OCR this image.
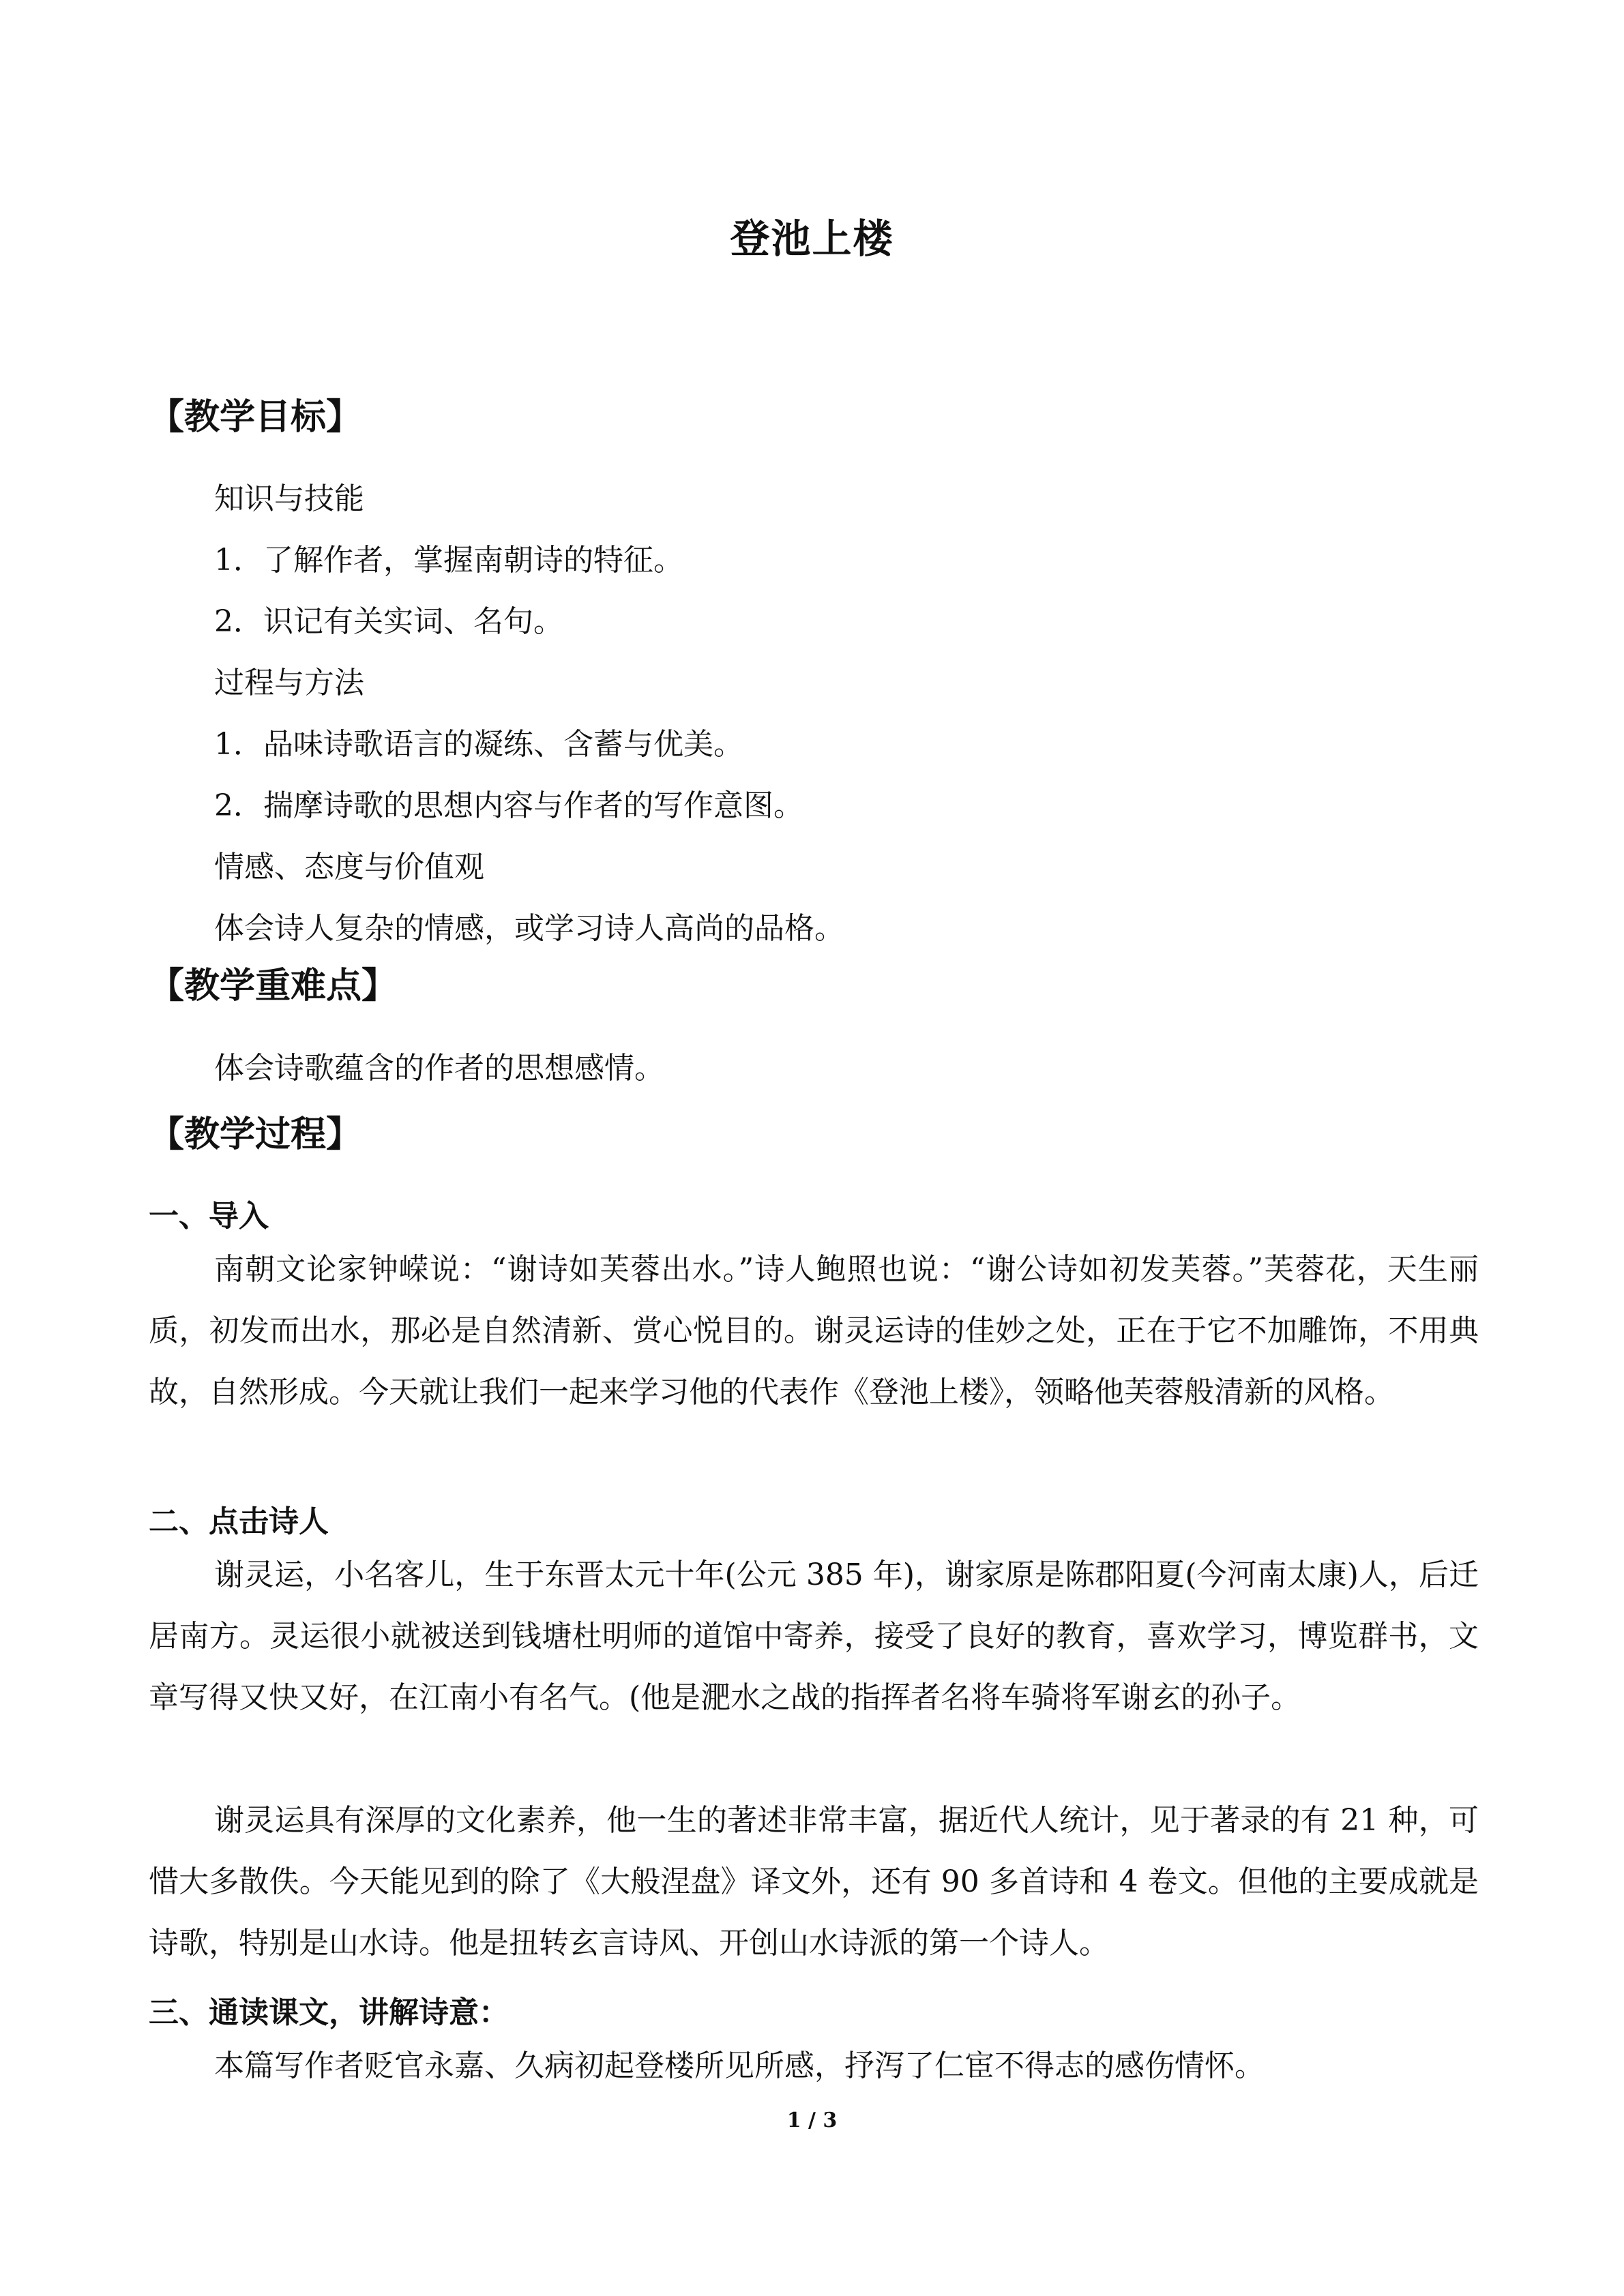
登池上楼
【教学目标】
知识与技能
1．了解作者，掌握南朝诗的特征。
2．识记有关实词、名句。
过程与方法
1．品味诗歌语言的凝练、含蓄与优美。
2．揣摩诗歌的思想内容与作者的写作意图。
情感、态度与价值观
体会诗人复杂的情感，或学习诗人高尚的品格。
【教学重难点】
体会诗歌蕴含的作者的思想感情。
【教学过程】
一、导入

南朝文论家钟嵘说：“谢诗如芙蓉出水。”诗人鲍照也说：“谢公诗如初发芙蓉。”芙蓉花，天生丽质，初发而出水，那必是自然清新、赏心悦目的。谢灵运诗的佳妙之处，正在于它不加雕饰，不用典故，自然形成。今天就让我们一起来学习他的代表作《登池上楼》，领略他芙蓉般清新的风格。

二、点击诗人

谢灵运，小名客儿，生于东晋太元十年(公元 385 年)，谢家原是陈郡阳夏(今河南太康)人，后迁居南方。灵运很小就被送到钱塘杜明师的道馆中寄养，接受了良好的教育，喜欢学习，博览群书，文章写得又快又好，在江南小有名气。(他是淝水之战的指挥者名将车骑将军谢玄的孙子。

谢灵运具有深厚的文化素养，他一生的著述非常丰富，据近代人统计，见于著录的有 21 种，可惜大多散佚。今天能见到的除了《大般涅盘》译文外，还有 90 多首诗和 4 卷文。但他的主要成就是诗歌，特别是山水诗。他是扭转玄言诗风、开创山水诗派的第一个诗人。

三、通读课文，讲解诗意：

本篇写作者贬官永嘉、久病初起登楼所见所感，抒泻了仁宦不得志的感伤情怀。

1 / 3
